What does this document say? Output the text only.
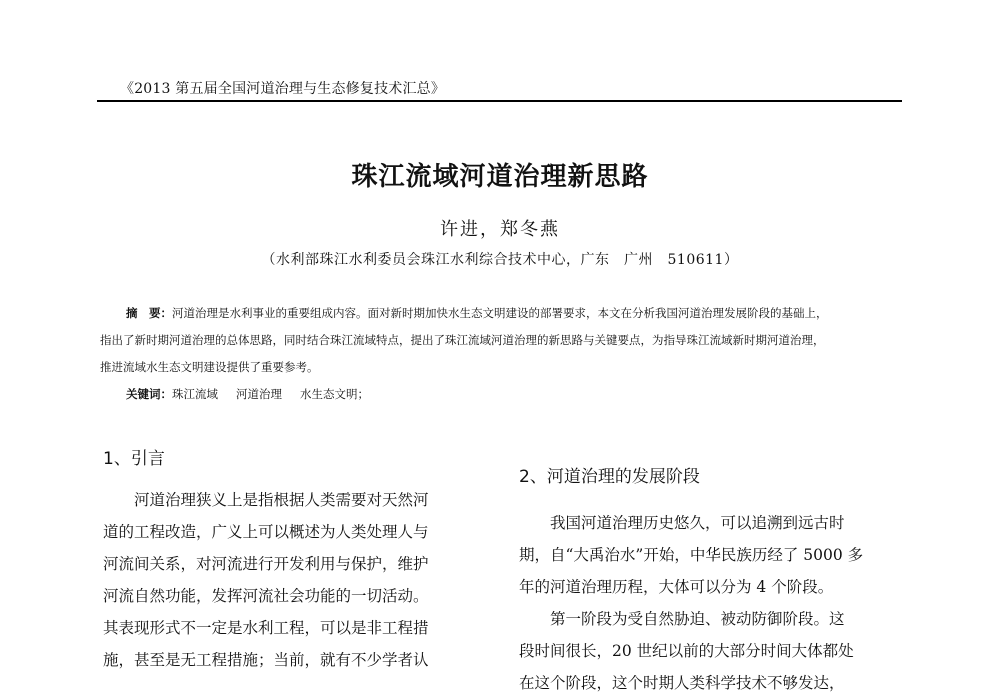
《2013 第五届全国河道治理与生态修复技术汇总》
珠江流域河道治理新思路
许进，郑冬燕
（水利部珠江水利委员会珠江水利综合技术中心，广东　广州　510611）
摘　要：河道治理是水利事业的重要组成内容。面对新时期加快水生态文明建设的部署要求，本文在分析我国河道治理发展阶段的基础上，
指出了新时期河道治理的总体思路，同时结合珠江流域特点，提出了珠江流域河道治理的新思路与关键要点，为指导珠江流域新时期河道治理，
推进流域水生态文明建设提供了重要参考。
关键词：珠江流域 河道治理 水生态文明；
1、引言
河道治理狭义上是指根据人类需要对天然河
道的工程改造，广义上可以概述为人类处理人与
河流间关系，对河流进行开发利用与保护，维护
河流自然功能，发挥河流社会功能的一切活动。
其表现形式不一定是水利工程，可以是非工程措
施，甚至是无工程措施；当前，就有不少学者认
2、河道治理的发展阶段
我国河道治理历史悠久，可以追溯到远古时
期，自“大禹治水”开始，中华民族历经了 5000 多
年的河道治理历程，大体可以分为 4 个阶段。
第一阶段为受自然胁迫、被动防御阶段。这
段时间很长，20 世纪以前的大部分时间大体都处
在这个阶段，这个时期人类科学技术不够发达，
